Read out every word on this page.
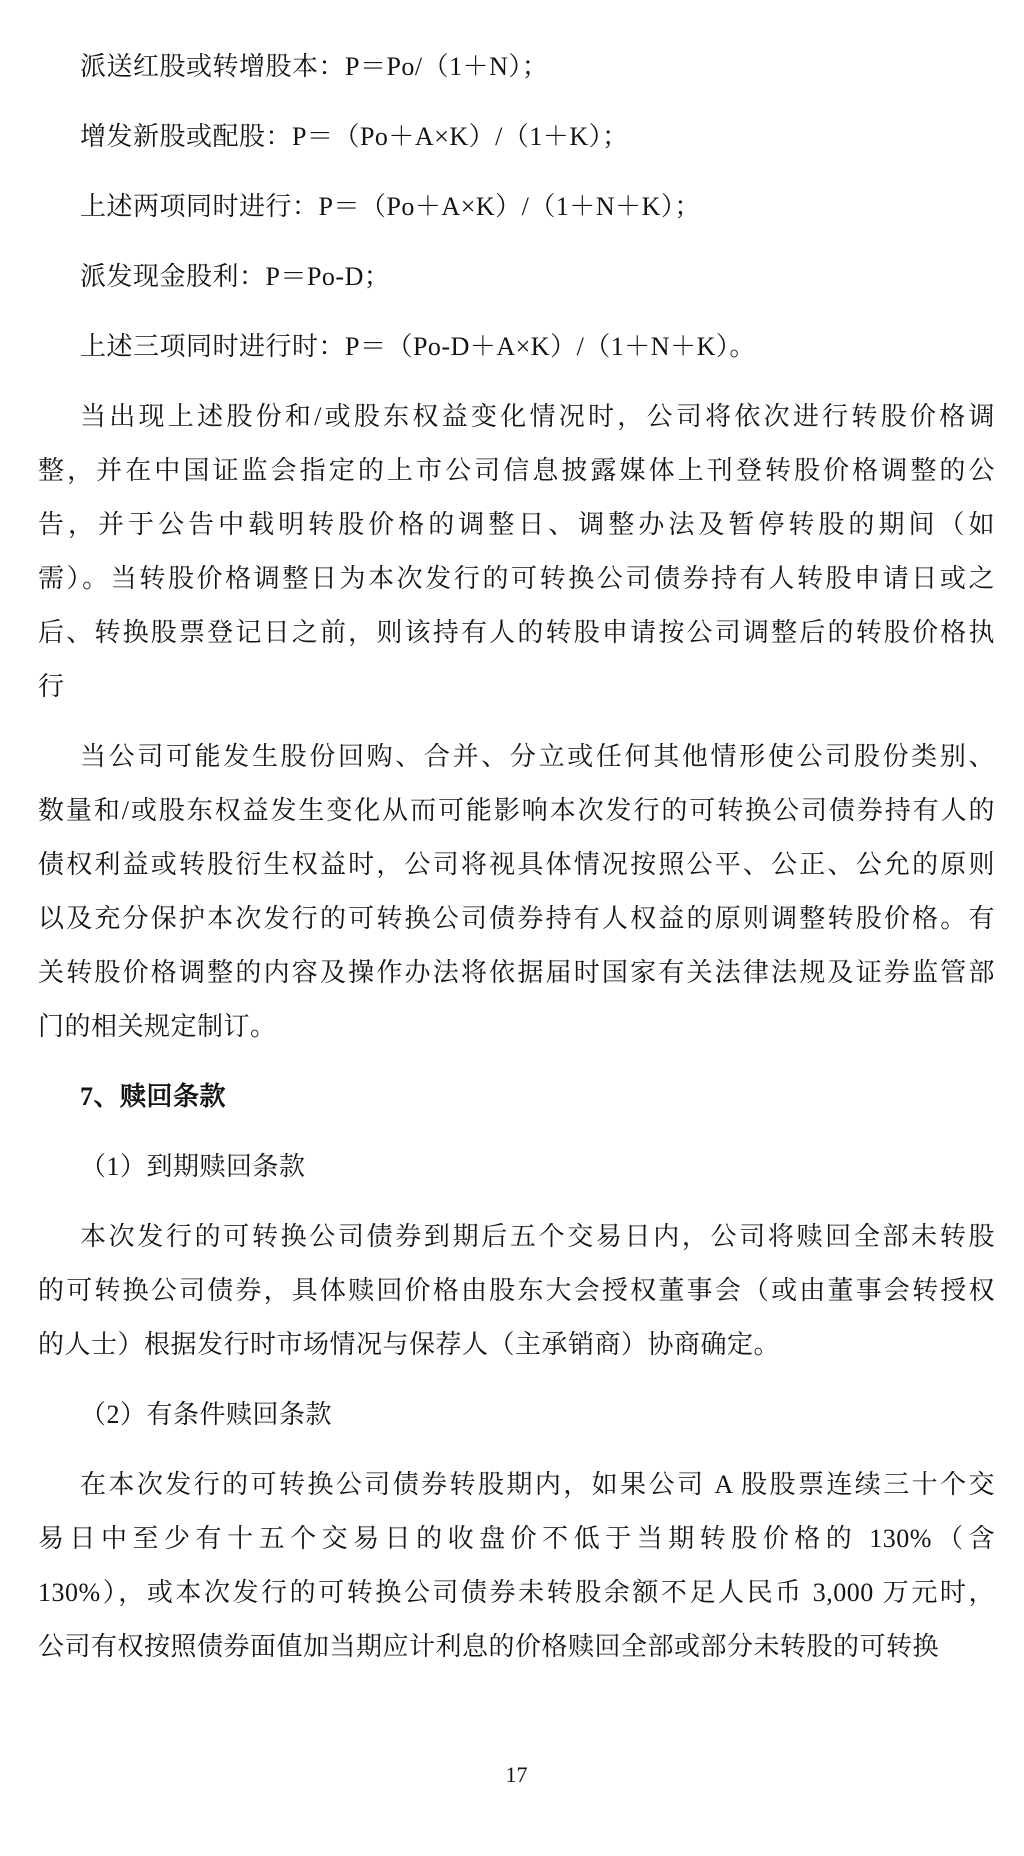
派送红股或转增股本：P＝Po/（1＋N）；
增发新股或配股：P＝（Po＋A×K）/（1＋K）；
上述两项同时进行：P＝（Po＋A×K）/（1＋N＋K）；
派发现金股利：P＝Po-D；
上述三项同时进行时：P＝（Po-D＋A×K）/（1＋N＋K）。
当出现上述股份和/或股东权益变化情况时，公司将依次进行转股价格调
整，并在中国证监会指定的上市公司信息披露媒体上刊登转股价格调整的公
告，并于公告中载明转股价格的调整日、调整办法及暂停转股的期间（如
需）。当转股价格调整日为本次发行的可转换公司债券持有人转股申请日或之
后、转换股票登记日之前，则该持有人的转股申请按公司调整后的转股价格执
行
当公司可能发生股份回购、合并、分立或任何其他情形使公司股份类别、
数量和/或股东权益发生变化从而可能影响本次发行的可转换公司债券持有人的
债权利益或转股衍生权益时，公司将视具体情况按照公平、公正、公允的原则
以及充分保护本次发行的可转换公司债券持有人权益的原则调整转股价格。有
关转股价格调整的内容及操作办法将依据届时国家有关法律法规及证券监管部
门的相关规定制订。
7、赎回条款
（1）到期赎回条款
本次发行的可转换公司债券到期后五个交易日内，公司将赎回全部未转股
的可转换公司债券，具体赎回价格由股东大会授权董事会（或由董事会转授权
的人士）根据发行时市场情况与保荐人（主承销商）协商确定。
（2）有条件赎回条款
在本次发行的可转换公司债券转股期内，如果公司 A 股股票连续三十个交
易日中至少有十五个交易日的收盘价不低于当期转股价格的 130%（含
130%），或本次发行的可转换公司债券未转股余额不足人民币 3,000 万元时，
公司有权按照债券面值加当期应计利息的价格赎回全部或部分未转股的可转换
17
